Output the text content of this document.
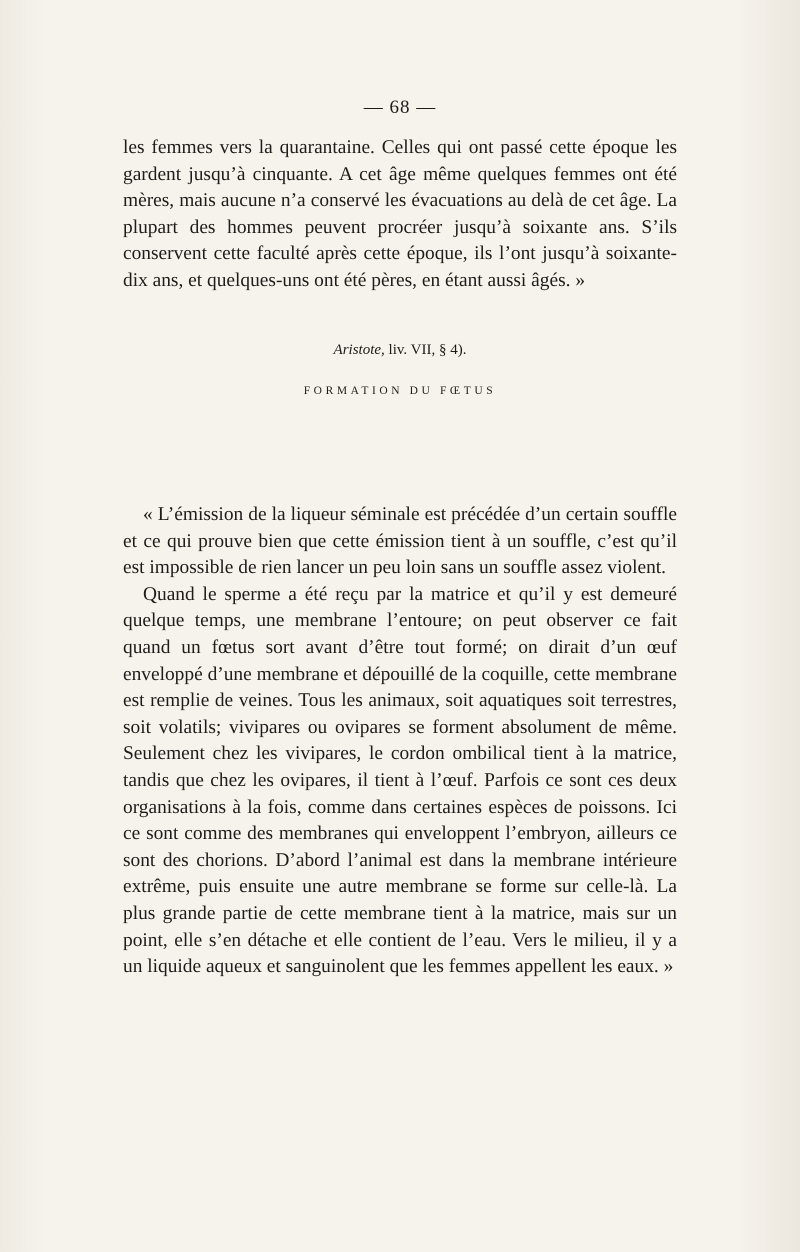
— 68 —

les femmes vers la quarantaine. Celles qui ont passé cette époque les gardent jusqu’à cinquante. A cet âge même quelques femmes ont été mères, mais aucune n’a conservé les évacuations au delà de cet âge. La plupart des hommes peuvent procréer jusqu’à soixante ans. S’ils conservent cette faculté après cette époque, ils l’ont jusqu’à soixante-dix ans, et quelques-uns ont été pères, en étant aussi âgés. »

Aristote, liv. VII, § 4).
FORMATION DU FŒTUS

« L’émission de la liqueur séminale est précédée d’un certain souffle et ce qui prouve bien que cette émission tient à un souffle, c’est qu’il est impossible de rien lancer un peu loin sans un souffle assez violent.

Quand le sperme a été reçu par la matrice et qu’il y est demeuré quelque temps, une membrane l’entoure; on peut observer ce fait quand un fœtus sort avant d’être tout formé; on dirait d’un œuf enveloppé d’une membrane et dépouillé de la coquille, cette membrane est remplie de veines. Tous les animaux, soit aquatiques soit terrestres, soit volatils; vivipares ou ovipares se forment absolument de même. Seulement chez les vivipares, le cordon ombilical tient à la matrice, tandis que chez les ovipares, il tient à l’œuf. Parfois ce sont ces deux organisations à la fois, comme dans certaines espèces de poissons. Ici ce sont comme des membranes qui enveloppent l’embryon, ailleurs ce sont des chorions. D’abord l’animal est dans la membrane intérieure extrême, puis ensuite une autre membrane se forme sur celle-là. La plus grande partie de cette membrane tient à la matrice, mais sur un point, elle s’en détache et elle contient de l’eau. Vers le milieu, il y a un liquide aqueux et sanguinolent que les femmes appellent les eaux. »
